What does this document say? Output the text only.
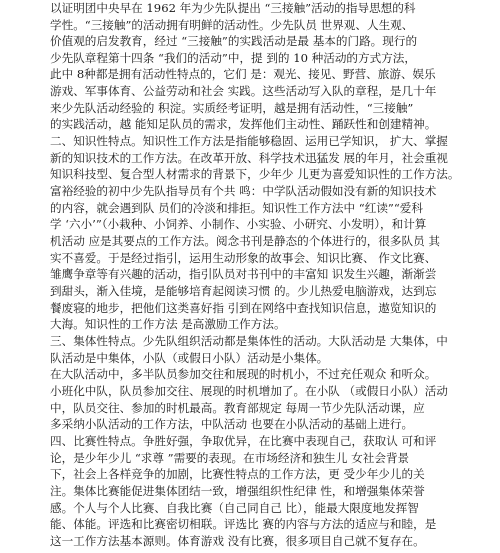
以证明团中央早在 1962 年为少先队提出 “三接触”活动的指导思想的科
学性。“三接触”的活动拥有明鲜的活动性。少先队员 世界观、人生观、
价值观的启发教育，经过 “三接触”的实践活动是最 基本的门路。现行的
少先队章程第十四条 “我们的活动”中，提 到的 10 种活动的方式方法，
此中 8种都是拥有活动性特点的，它们 是：观光、接见、野营、旅游、娱乐
游戏、军事体育、公益劳动和社会 实践。这些活动写入队的章程，是几十年
来少先队活动经验的 积淀。实质经考证明，越是拥有活动性，“三接触”
的实践活动，越 能知足队员的需求，发挥他们主动性、踊跃性和创建精神。
二、知识性特点。知识性工作方法是指能够稳固、运用已学知识， 扩大、掌握
新的知识技术的工作方法。在改革开放、科学技术迅猛发 展的年月，社会重视
知识科技型、复合型人材需求的背景下，少年少 儿更为喜爱知识性的工作方法。
富裕经验的初中少先队指导员有个共 鸣：中学队活动假如没有新的知识技术
的内容，就会遇到队 员们的冷淡和排拒。知识性工作方法中 “红读”“爱科
学 ‘六小’”（小栽种、小饲养、小制作、小实验、小研究、小发明），和计算
机活动 应是其要点的工作方法。阅念书刊是静态的个体进行的，很多队员 其
实不喜爱。于是经过指引，运用生动形象的故事会、知识比赛、 作文比赛、
雏鹰争章等有兴趣的活动，指引队员对书刊中的丰富知 识发生兴趣，渐渐尝
到甜头，渐入佳境，是能够培育起阅读习惯 的。少儿热爱电脑游戏，达到忘
餐废寝的地步，把他们这类喜好指 引到在网络中查找知识信息，遨览知识的
大海。知识性的工作方法 是高激励工作方法。
三、集体性特点。少先队组织活动都是集体性的活动。大队活动是 大集体，中
队活动是中集体，小队（或假日小队）活动是小集体。
在大队活动中，多半队员参加交往和展现的时机小，不过充任观众 和听众。
小班化中队，队员参加交往、展现的时机增加了。在小队 （或假日小队）活动
中，队员交往、参加的时机最高。教育部规定 每周一节少先队活动课，应
多采纳小队活动的工作方法，中队活动 也要在小队活动的基础上进行。
四、比赛性特点。争胜好强，争取优异，在比赛中表现自己，获取认 可和评
论，是少年少儿 “求尊 ”需要的表现。在市场经济和独生儿 女社会背景
下，社会上各样竞争的加剧，比赛性特点的工作方法，更 受少年少儿的关
注。集体比赛能促进集体团结一致，增强组织性纪律 性，和增强集体荣誉
感。个人与个人比赛、自我比赛（自己同自己 比），能最大限度地发挥智
能、体能。评选和比赛密切相联。评选比 赛的内容与方法的适应与和睦，是
这一工作方法基本源则。体育游戏 没有比赛，很多项目自己就不复存在。
